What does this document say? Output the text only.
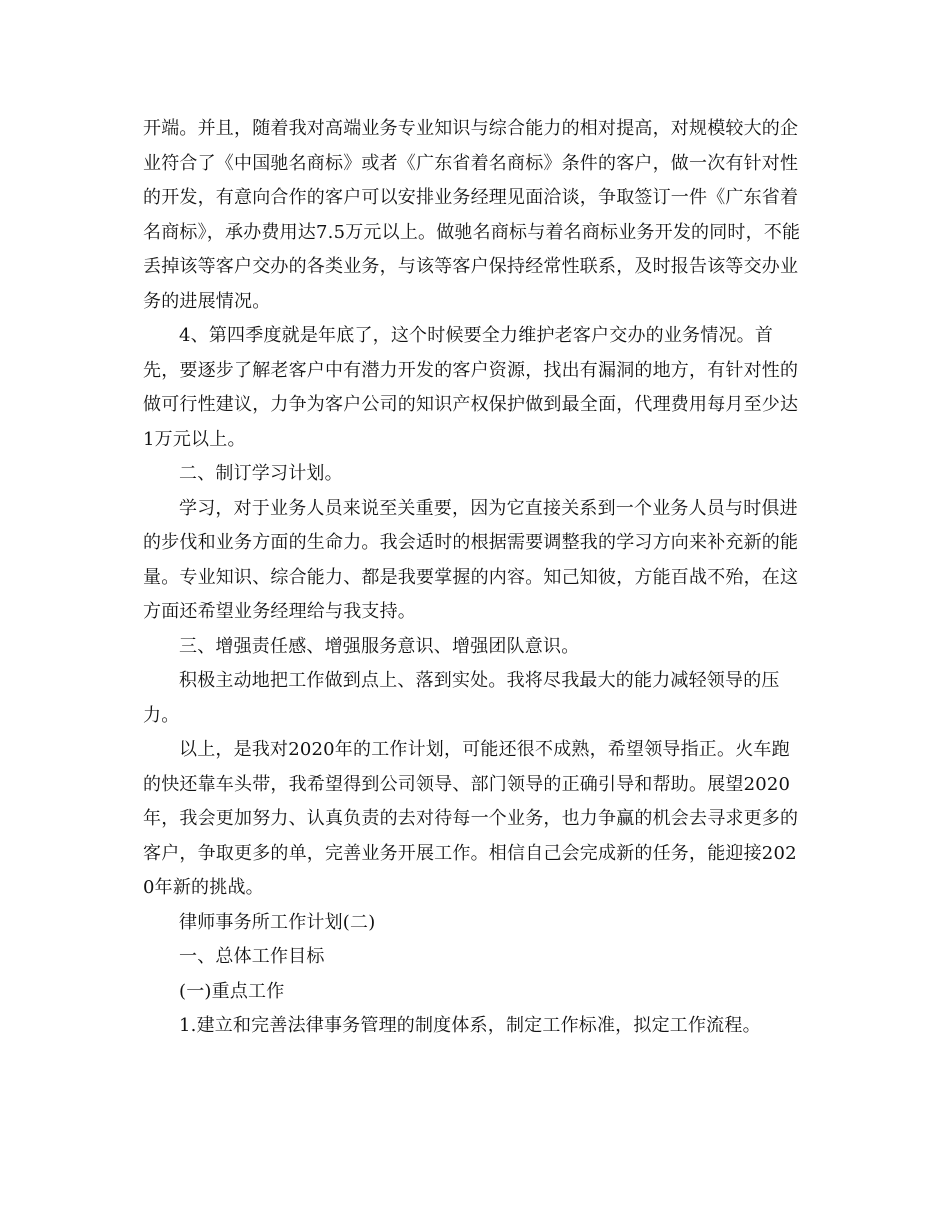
开端。并且，随着我对高端业务专业知识与综合能力的相对提高，对规模较大的企业符合了《中国驰名商标》或者《广东省着名商标》条件的客户，做一次有针对性的开发，有意向合作的客户可以安排业务经理见面洽谈，争取签订一件《广东省着名商标》，承办费用达7.5万元以上。做驰名商标与着名商标业务开发的同时，不能丢掉该等客户交办的各类业务，与该等客户保持经常性联系，及时报告该等交办业务的进展情况。

4、第四季度就是年底了，这个时候要全力维护老客户交办的业务情况。首先，要逐步了解老客户中有潜力开发的客户资源，找出有漏洞的地方，有针对性的做可行性建议，力争为客户公司的知识产权保护做到最全面，代理费用每月至少达1万元以上。

二、制订学习计划。

学习，对于业务人员来说至关重要，因为它直接关系到一个业务人员与时俱进的步伐和业务方面的生命力。我会适时的根据需要调整我的学习方向来补充新的能量。专业知识、综合能力、都是我要掌握的内容。知己知彼，方能百战不殆，在这方面还希望业务经理给与我支持。

三、增强责任感、增强服务意识、增强团队意识。

积极主动地把工作做到点上、落到实处。我将尽我最大的能力减轻领导的压力。

以上，是我对2020年的工作计划，可能还很不成熟，希望领导指正。火车跑的快还靠车头带，我希望得到公司领导、部门领导的正确引导和帮助。展望2020年，我会更加努力、认真负责的去对待每一个业务，也力争赢的机会去寻求更多的客户，争取更多的单，完善业务开展工作。相信自己会完成新的任务，能迎接2020年新的挑战。

律师事务所工作计划(二)

一、总体工作目标

(一)重点工作

1.建立和完善法律事务管理的制度体系，制定工作标准，拟定工作流程。
